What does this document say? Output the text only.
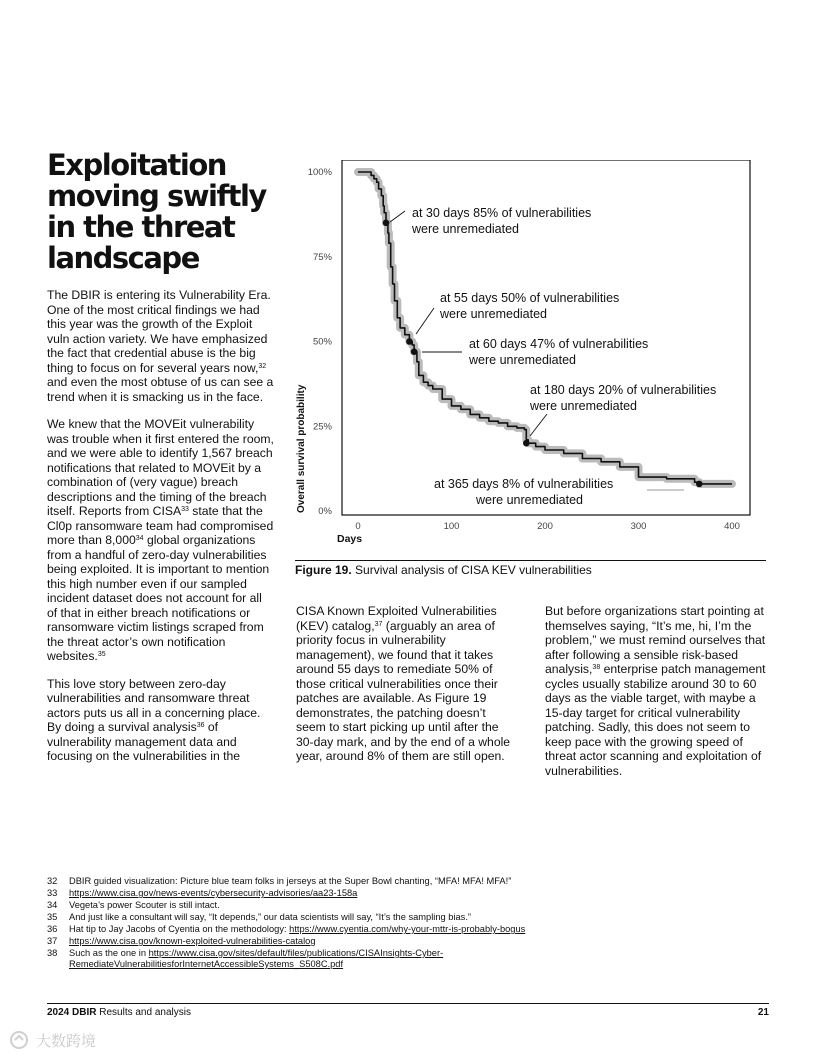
Exploitation moving swiftly in the threat landscape

The DBIR is entering its Vulnerability Era. One of the most critical findings we had this year was the growth of the Exploit vuln action variety. We have emphasized the fact that credential abuse is the big thing to focus on for several years now,$^{32}$ and even the most obtuse of us can see a trend when it is smacking us in the face.

We knew that the MOVEit vulnerability was trouble when it first entered the room, and we were able to identify 1,567 breach notifications that related to MOVEit by a combination of (very vague) breach descriptions and the timing of the breach itself. Reports from CISA$^{33}$ state that the Cl0p ransomware team had compromised more than 8,000$^{34}$ global organizations from a handful of zero-day vulnerabilities being exploited. It is important to mention this high number even if our sampled incident dataset does not account for all of that in either breach notifications or ransomware victim listings scraped from the threat actor’s own notification websites.$^{35}$

This love story between zero-day vulnerabilities and ransomware threat actors puts us all in a concerning place. By doing a survival analysis$^{36}$ of vulnerability management data and focusing on the vulnerabilities in the

CISA Known Exploited Vulnerabilities (KEV) catalog,$^{37}$ (arguably an area of priority focus in vulnerability management), we found that it takes around 55 days to remediate 50% of those critical vulnerabilities once their patches are available. As Figure 19 demonstrates, the patching doesn’t seem to start picking up until after the 30-day mark, and by the end of a whole year, around 8% of them are still open.

But before organizations start pointing at themselves saying, “It’s me, hi, I’m the problem,” we must remind ourselves that after following a sensible risk-based analysis,$^{38}$ enterprise patch management cycles usually stabilize around 30 to 60 days as the viable target, with maybe a 15-day target for critical vulnerability patching. Sadly, this does not seem to keep pace with the growing speed of threat actor scanning and exploitation of vulnerabilities.

0%
25%
50%
75%
100%
0	100	200	300	400
Days
Overall survival probability
at 30 days 85% of vulnerabilities were unremediated
at 55 days 50% of vulnerabilities were unremediated
at 60 days 47% of vulnerabilities were unremediated
at 180 days 20% of vulnerabilities were unremediated
at 365 days 8% of vulnerabilities were unremediated
Figure 19. Survival analysis of CISA KEV vulnerabilities
32	DBIR guided visualization: Picture blue team folks in jerseys at the Super Bowl chanting, “MFA! MFA! MFA!”
33	https://www.cisa.gov/news-events/cybersecurity-advisories/aa23-158a
34	Vegeta’s power Scouter is still intact.
35	And just like a consultant will say, “It depends,” our data scientists will say, “It’s the sampling bias.”
36	Hat tip to Jay Jacobs of Cyentia on the methodology: https://www.cyentia.com/why-your-mttr-is-probably-bogus
37	https://www.cisa.gov/known-exploited-vulnerabilities-catalog
38	Such as the one in https://www.cisa.gov/sites/default/files/publications/CISAInsights-Cyber-RemediateVulnerabilitiesforInternetAccessibleSystems_S508C.pdf
2024 DBIR Results and analysis	21
大数跨境
